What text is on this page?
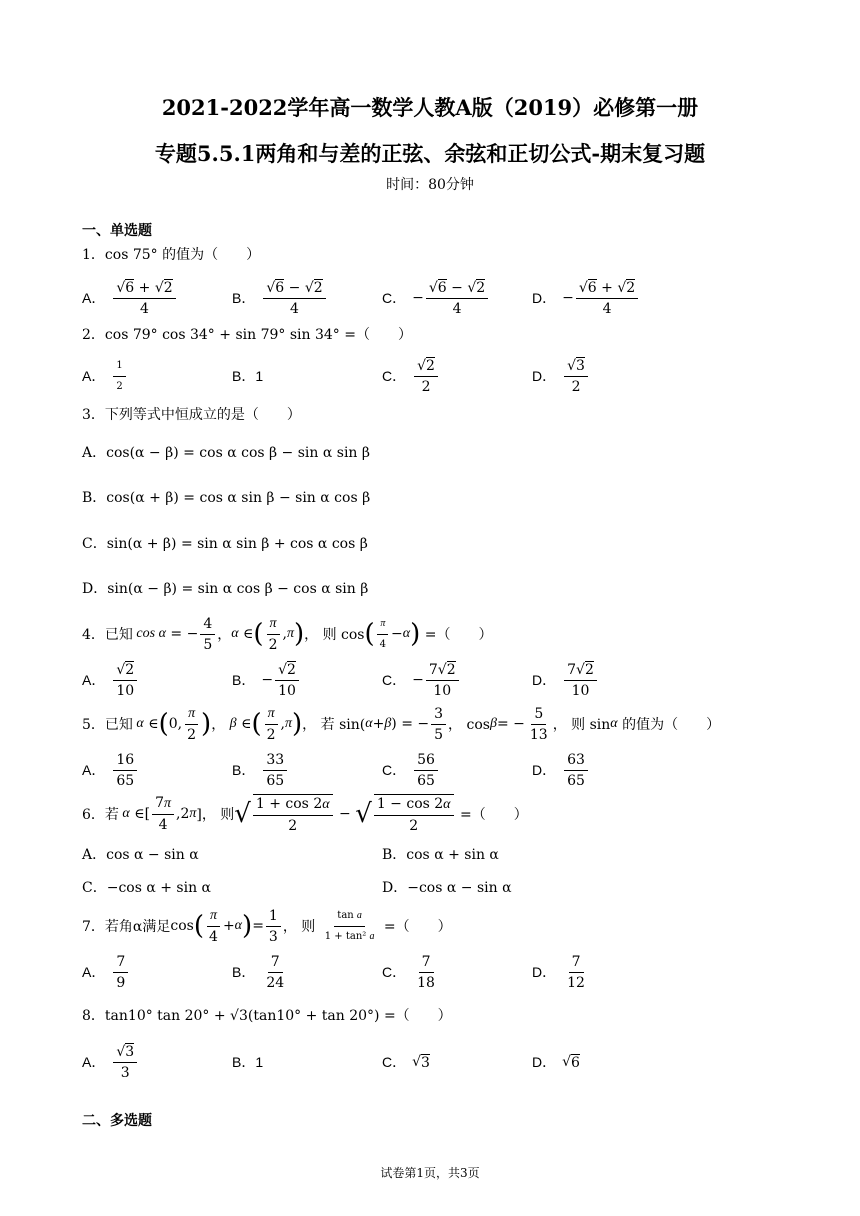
2021-2022学年高一数学人教A版（2019）必修第一册
专题5.5.1两角和与差的正弦、余弦和正切公式-期末复习题
时间：80分钟
一、单选题
1．cos 75° 的值为（　　）
A．
√6 + √2
4
B．
√6 − √2
4
C． −
√6 − √2
4
D． −
√6 + √2
4
2．cos 79° cos 34° + sin 79° sin 34° =（　　）
A．
1
2
B．1	C．
√2
2
D．
√3
2
3．下列等式中恒成立的是（　　）
A．cos(α − β) = cos α cos β − sin α sin β
B．cos(α + β) = cos α sin β − sin α cos β
C．sin(α + β) = sin α sin β + cos α cos β
D．sin(α − β) = sin α cos β − cos α sin β
4． 已知 cos α = −
4
5
， α ∈ ( π
2
, π ) ， 则 cos ( π
4
− α ) =（　　）
A．
√2
10
B． −
√2
10
C． −
7√2
10
D．
7√2
10
5． 已知 α ∈ ( 0,
π
2 ) ， β ∈ ( π
2
, π ) ， 若 sin( α + β ) = −
3
5
， cos β = −
5
13
， 则 sin α 的值为（　　）
A．
16
65
B．
33
65
C．
56
65
D．
63
65
6． 若 α ∈[
7π
4
,2 π ]， 则 √ 1 + cos 2α
2
− √ 1 − cos 2α
2
=（　　）
A．cos α − sin α	B．cos α + sin α
C．−cos α + sin α	D．−cos α − sin α
7． 若角α满足 cos ( π
4
+ α ) =
1
3
， 则
tan a
1 + tan² a
=（　　）
A．
7
9
B．
7
24
C．
7
18
D．
7
12
8．tan10° tan 20° + √3(tan10° + tan 20°) =（　　）
A．
√3
3
B．1	C． √ 3	D． √ 6
二、多选题
试卷第1页，共3页
